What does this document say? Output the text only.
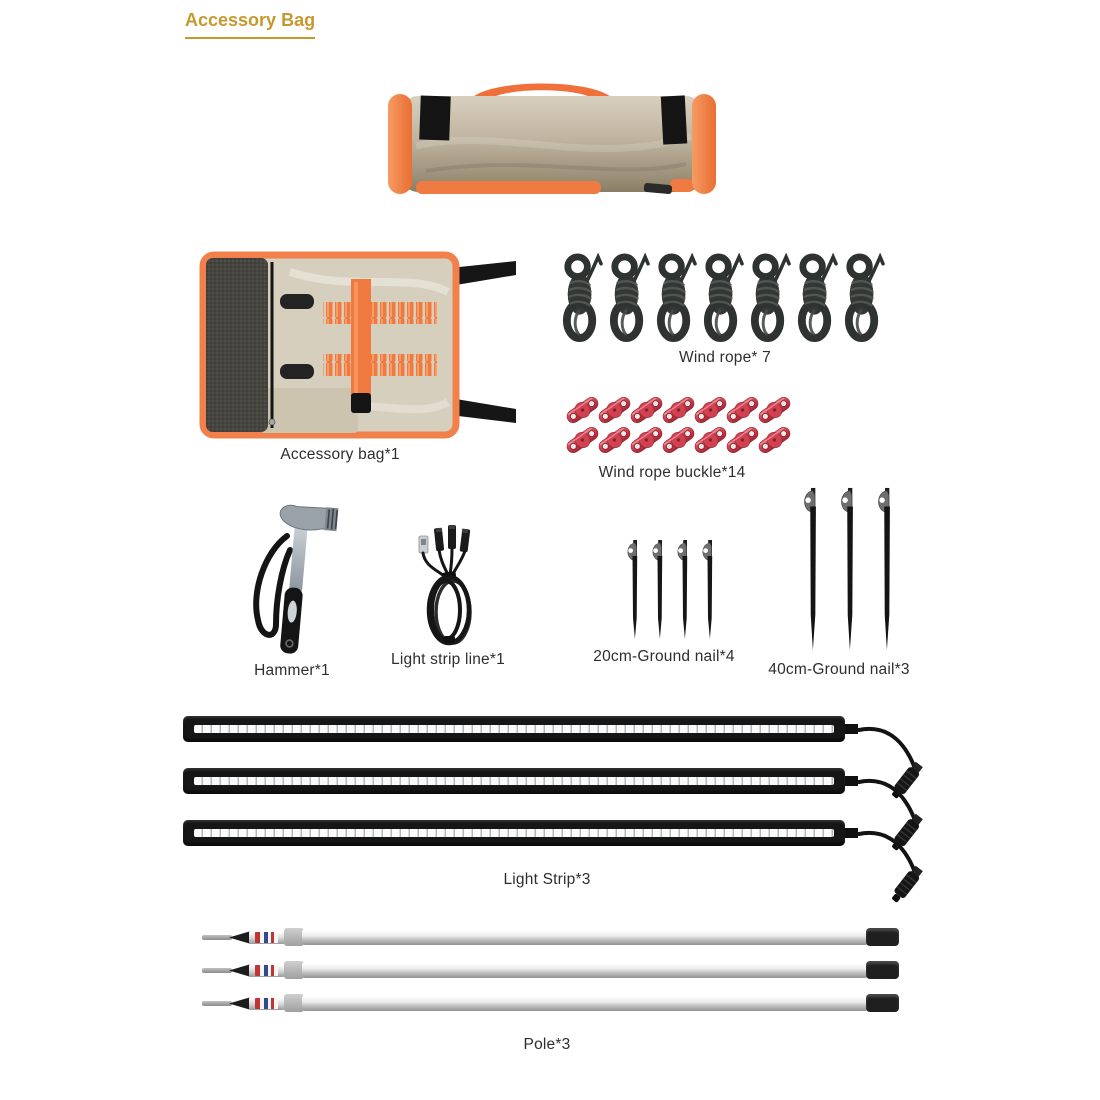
Accessory Bag
Accessory bag*1
Wind rope* 7
Wind rope buckle*14
Hammer*1
Light strip line*1	20cm-Ground nail*4
40cm-Ground nail*3
Light Strip*3
Pole*3
